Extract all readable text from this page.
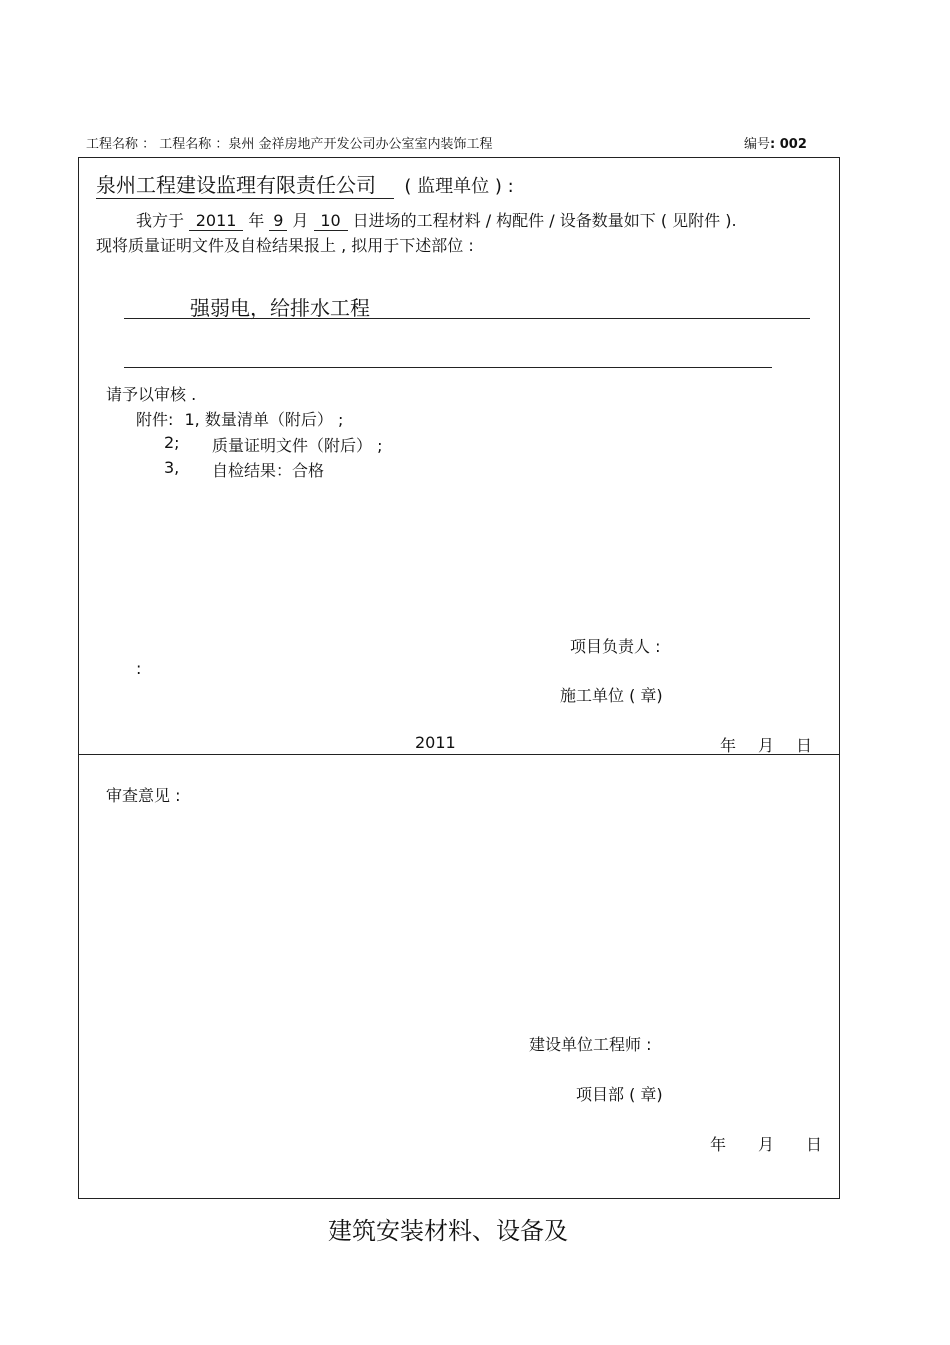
工程名称 ： 工程名称 ：泉州 金祥房地产开发公司办公室室内装饰工程	编号: 002
泉州工程建设监理有限责任公司 ( 监理单位 ) :
我方于 2011 年 9 月 10 日进场的工程材料 / 构配件 / 设备数量如下 ( 见附件 ).
现将质量证明文件及自检结果报上 , 拟用于下述部位 :
强弱电，给排水工程
请予以审核 .
附件: 1, 数量清单（附后） ;
2; 质量证明文件（附后） ;
3, 自检结果：合格
项目负责人 :
:
施工单位 ( 章)
2011	年 月 日
审查意见 :
建设单位工程师 :
项目部 ( 章)
年 月 日
建筑安装材料、设备及
